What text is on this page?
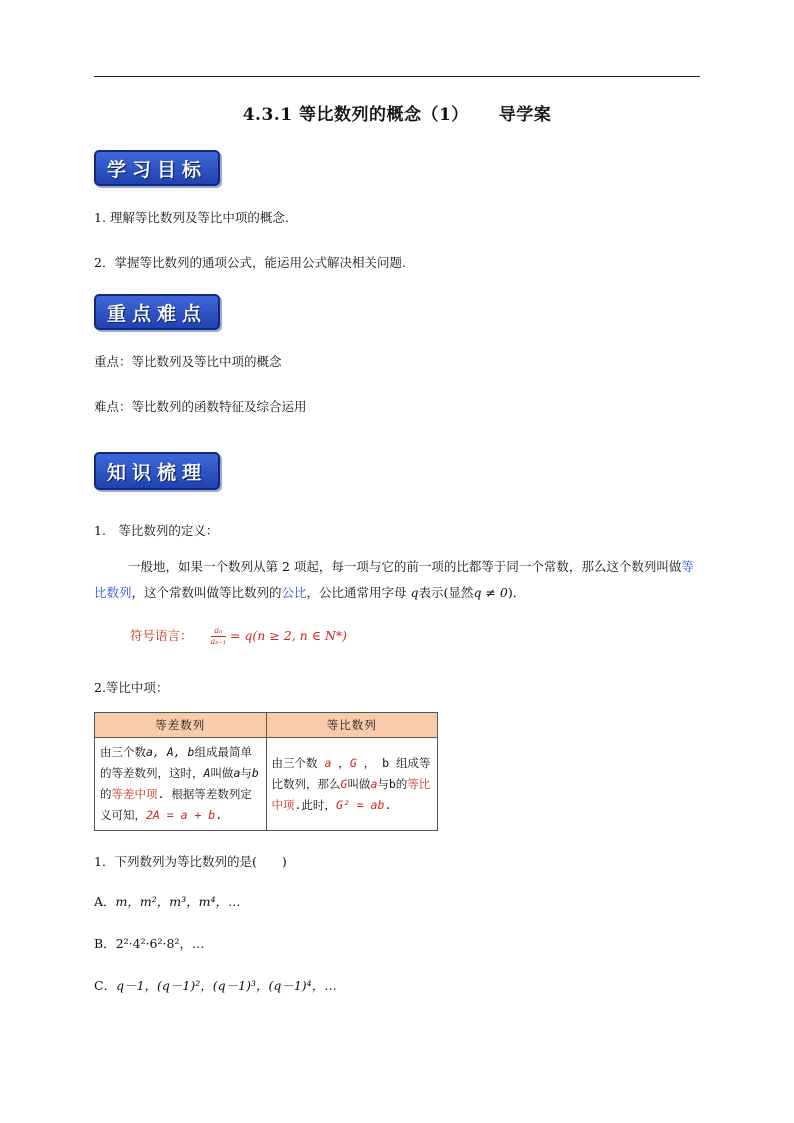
4.3.1 等比数列的概念（1） 导学案
学习目标
1. 理解等比数列及等比中项的概念.
2．掌握等比数列的通项公式，能运用公式解决相关问题.
重点难点
重点：等比数列及等比中项的概念
难点：等比数列的函数特征及综合运用
知识梳理
1.　等比数列的定义：
一般地，如果一个数列从第 2 项起，每一项与它的前一项的比都等于同一个常数，那么这个数列叫做等比数列，这个常数叫做等比数列的公比，公比通常用字母 q表示(显然q ≠ 0)．
符号语言： $\frac{\text{aₙ}}{\text{aₙ₋₁}} = q(n \ge 2$, n ∈ N*)
2.等比中项：
等差数列	等比数列
由三个数a, A, b组成最简单的等差数列，这时，A叫做a与b的等差中项. 根据等差数列定义可知，2A = a + b.	由三个数 a ，G ， b 组成等比数列，那么G叫做a与b的等比中项.此时，G² = ab.
1．下列数列为等比数列的是(　　)
A．m，m²，m³，m⁴，…
B．2²·4²·6²·8²，…
C．q－1，(q－1)²，(q－1)³，(q－1)⁴，…
